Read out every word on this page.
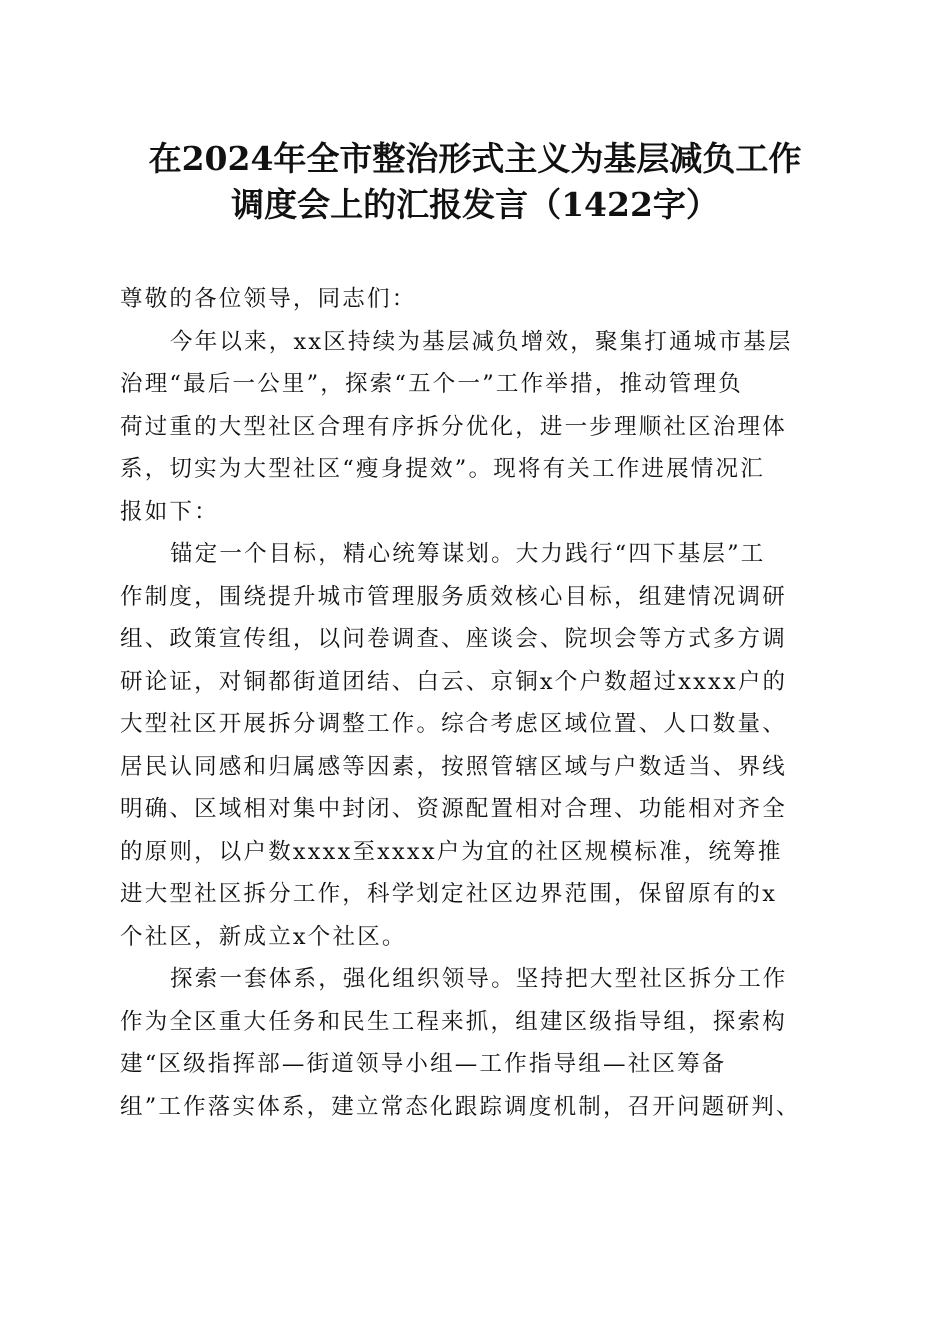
在2024年全市整治形式主义为基层减负工作
调度会上的汇报发言（1422字）
尊敬的各位领导，同志们：
今年以来，xx区持续为基层减负增效，聚集打通城市基层
治理“最后一公里”，探索“五个一”工作举措，推动管理负
荷过重的大型社区合理有序拆分优化，进一步理顺社区治理体
系，切实为大型社区“瘦身提效”。现将有关工作进展情况汇
报如下：
锚定一个目标，精心统筹谋划。大力践行“四下基层”工
作制度，围绕提升城市管理服务质效核心目标，组建情况调研
组、政策宣传组，以问卷调查、座谈会、院坝会等方式多方调
研论证，对铜都街道团结、白云、京铜x个户数超过xxxx户的
大型社区开展拆分调整工作。综合考虑区域位置、人口数量、
居民认同感和归属感等因素，按照管辖区域与户数适当、界线
明确、区域相对集中封闭、资源配置相对合理、功能相对齐全
的原则，以户数xxxx至xxxx户为宜的社区规模标准，统筹推
进大型社区拆分工作，科学划定社区边界范围，保留原有的x
个社区，新成立x个社区。
探索一套体系，强化组织领导。坚持把大型社区拆分工作
作为全区重大任务和民生工程来抓，组建区级指导组，探索构
建“区级指挥部—街道领导小组—工作指导组—社区筹备
组”工作落实体系，建立常态化跟踪调度机制，召开问题研判、
